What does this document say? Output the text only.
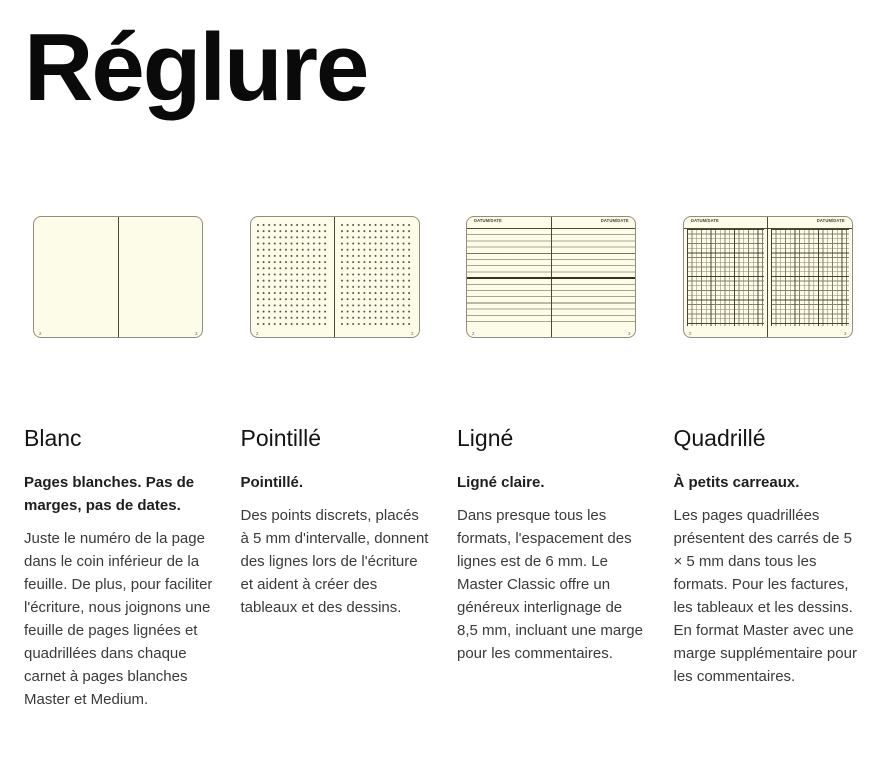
Réglure
2	3
Blanc
Pages blanches. Pas de marges, pas de dates.

Juste le numéro de la page dans le coin inférieur de la feuille. De plus, pour faciliter l'écriture, nous joignons une feuille de pages lignées et quadrillées dans chaque carnet à pages blanches Master et Medium.

2	3
Pointillé
Pointillé.

Des points discrets, placés à 5 mm d'intervalle, donnent des lignes lors de l'écriture et aident à créer des tableaux et des dessins.

DATUM/DATE
2
DATUM/DATE
3
Ligné
Ligné claire.

Dans presque tous les formats, l'espacement des lignes est de 6 mm. Le Master Classic offre un généreux interlignage de 8,5 mm, incluant une marge pour les commentaires.

DATUM/DATE
2
DATUM/DATE
3
Quadrillé
À petits carreaux.

Les pages quadrillées présentent des carrés de 5 × 5 mm dans tous les formats. Pour les factures, les tableaux et les dessins. En format Master avec une marge supplémentaire pour les commentaires.
